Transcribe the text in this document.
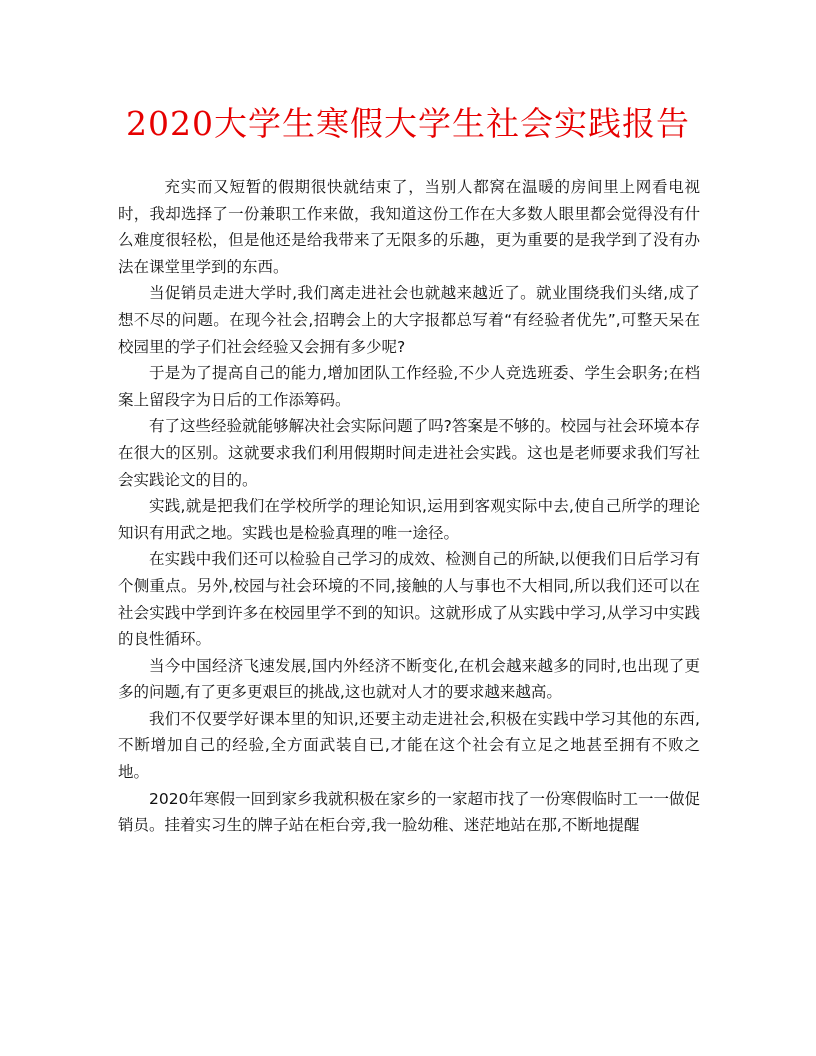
2020大学生寒假大学生社会实践报告

充实而又短暂的假期很快就结束了，当别人都窝在温暖的房间里上网看电视时，我却选择了一份兼职工作来做，我知道这份工作在大多数人眼里都会觉得没有什么难度很轻松，但是他还是给我带来了无限多的乐趣，更为重要的是我学到了没有办法在课堂里学到的东西。

当促销员走进大学时,我们离走进社会也就越来越近了。就业围绕我们头绪,成了想不尽的问题。在现今社会,招聘会上的大字报都总写着“有经验者优先”,可整天呆在校园里的学子们社会经验又会拥有多少呢?

于是为了提高自己的能力,增加团队工作经验,不少人竞选班委、学生会职务;在档案上留段字为日后的工作添筹码。

有了这些经验就能够解决社会实际问题了吗?答案是不够的。校园与社会环境本存在很大的区别。这就要求我们利用假期时间走进社会实践。这也是老师要求我们写社会实践论文的目的。

实践,就是把我们在学校所学的理论知识,运用到客观实际中去,使自己所学的理论知识有用武之地。实践也是检验真理的唯一途径。

在实践中我们还可以检验自己学习的成效、检测自己的所缺,以便我们日后学习有个侧重点。另外,校园与社会环境的不同,接触的人与事也不大相同,所以我们还可以在社会实践中学到许多在校园里学不到的知识。这就形成了从实践中学习,从学习中实践的良性循环。

当今中国经济飞速发展,国内外经济不断变化,在机会越来越多的同时,也出现了更多的问题,有了更多更艰巨的挑战,这也就对人才的要求越来越高。

我们不仅要学好课本里的知识,还要主动走进社会,积极在实践中学习其他的东西,不断增加自己的经验,全方面武装自已,才能在这个社会有立足之地甚至拥有不败之地。

2020年寒假一回到家乡我就积极在家乡的一家超市找了一份寒假临时工一一做促销员。挂着实习生的牌子站在柜台旁,我一脸幼稚、迷茫地站在那,不断地提醒
